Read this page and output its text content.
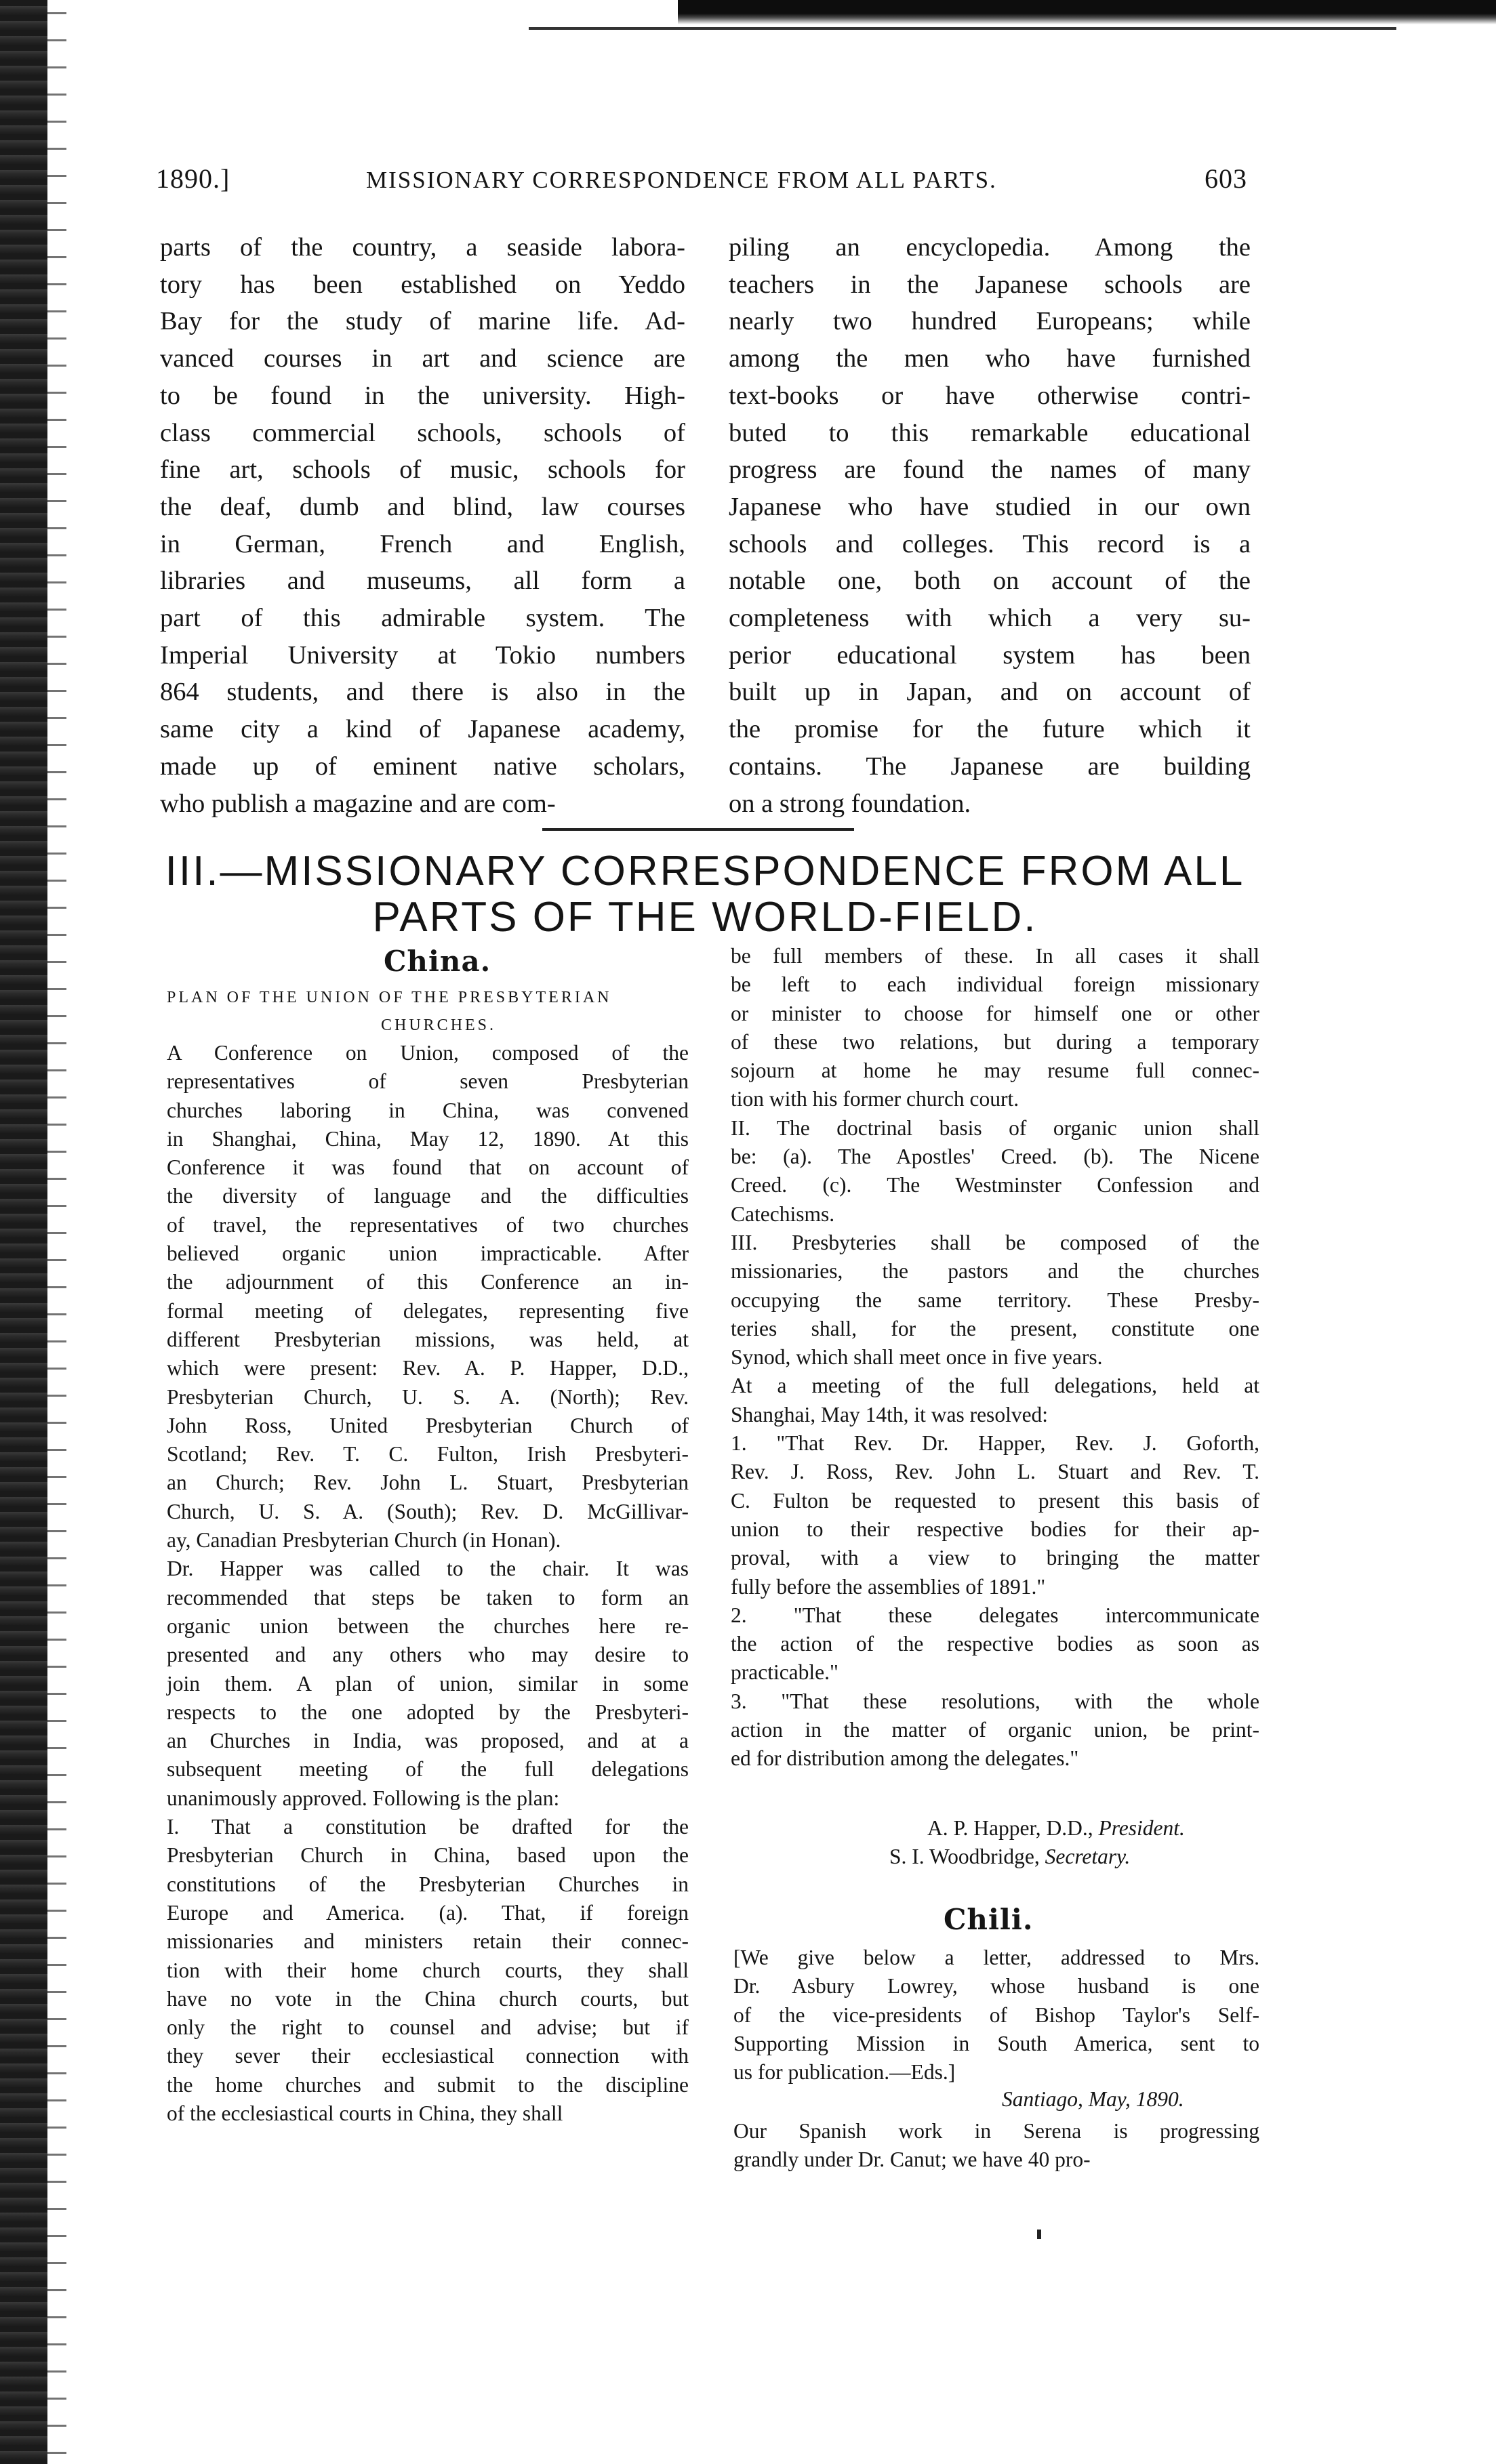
1890.]	MISSIONARY CORRESPONDENCE FROM ALL PARTS.	603
parts of the country, a seaside labora-
tory has been established on Yeddo
Bay for the study of marine life. Ad-
vanced courses in art and science are
to be found in the university. High-
class commercial schools, schools of
fine art, schools of music, schools for
the deaf, dumb and blind, law courses
in German, French and English,
libraries and museums, all form a
part of this admirable system. The
Imperial University at Tokio numbers
864 students, and there is also in the
same city a kind of Japanese academy,
made up of eminent native scholars,
who publish a magazine and are com-
piling an encyclopedia. Among the
teachers in the Japanese schools are
nearly two hundred Europeans; while
among the men who have furnished
text-books or have otherwise contri-
buted to this remarkable educational
progress are found the names of many
Japanese who have studied in our own
schools and colleges. This record is a
notable one, both on account of the
completeness with which a very su-
perior educational system has been
built up in Japan, and on account of
the promise for the future which it
contains. The Japanese are building
on a strong foundation.
III.—MISSIONARY CORRESPONDENCE FROM ALL
PARTS OF THE WORLD-FIELD.
China.
PLAN OF THE UNION OF THE PRESBYTERIAN
CHURCHES.
A Conference on Union, composed of the
representatives of seven Presbyterian
churches laboring in China, was convened
in Shanghai, China, May 12, 1890. At this
Conference it was found that on account of
the diversity of language and the difficulties
of travel, the representatives of two churches
believed organic union impracticable. After
the adjournment of this Conference an in-
formal meeting of delegates, representing five
different Presbyterian missions, was held, at
which were present: Rev. A. P. Happer, D.D.,
Presbyterian Church, U. S. A. (North); Rev.
John Ross, United Presbyterian Church of
Scotland; Rev. T. C. Fulton, Irish Presbyteri-
an Church; Rev. John L. Stuart, Presbyterian
Church, U. S. A. (South); Rev. D. McGillivar-
ay, Canadian Presbyterian Church (in Honan).
Dr. Happer was called to the chair. It was
recommended that steps be taken to form an
organic union between the churches here re-
presented and any others who may desire to
join them. A plan of union, similar in some
respects to the one adopted by the Presbyteri-
an Churches in India, was proposed, and at a
subsequent meeting of the full delegations
unanimously approved. Following is the plan:
I. That a constitution be drafted for the
Presbyterian Church in China, based upon the
constitutions of the Presbyterian Churches in
Europe and America. (a). That, if foreign
missionaries and ministers retain their connec-
tion with their home church courts, they shall
have no vote in the China church courts, but
only the right to counsel and advise; but if
they sever their ecclesiastical connection with
the home churches and submit to the discipline
of the ecclesiastical courts in China, they shall
be full members of these. In all cases it shall
be left to each individual foreign missionary
or minister to choose for himself one or other
of these two relations, but during a temporary
sojourn at home he may resume full connec-
tion with his former church court.
II. The doctrinal basis of organic union shall
be: (a). The Apostles' Creed. (b). The Nicene
Creed. (c). The Westminster Confession and
Catechisms.
III. Presbyteries shall be composed of the
missionaries, the pastors and the churches
occupying the same territory. These Presby-
teries shall, for the present, constitute one
Synod, which shall meet once in five years.
At a meeting of the full delegations, held at
Shanghai, May 14th, it was resolved:
1. "That Rev. Dr. Happer, Rev. J. Goforth,
Rev. J. Ross, Rev. John L. Stuart and Rev. T.
C. Fulton be requested to present this basis of
union to their respective bodies for their ap-
proval, with a view to bringing the matter
fully before the assemblies of 1891."
2. "That these delegates intercommunicate
the action of the respective bodies as soon as
practicable."
3. "That these resolutions, with the whole
action in the matter of organic union, be print-
ed for distribution among the delegates."
A. P. Happer, D.D., President.
S. I. Woodbridge, Secretary.
Chili.
[We give below a letter, addressed to Mrs.
Dr. Asbury Lowrey, whose husband is one
of the vice-presidents of Bishop Taylor's Self-
Supporting Mission in South America, sent to
us for publication.—Eds.]
Santiago, May, 1890.
Our Spanish work in Serena is progressing
grandly under Dr. Canut; we have 40 pro-
